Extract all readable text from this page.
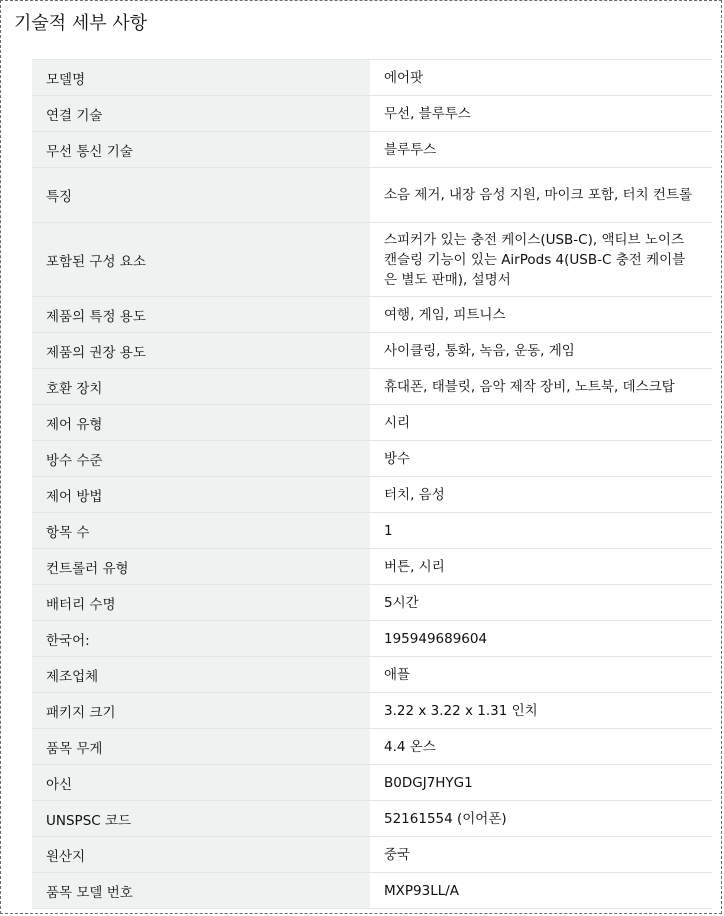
기술적 세부 사항
모델명	에어팟
연결 기술	무선, 블루투스
무선 통신 기술	블루투스
특징	소음 제거, 내장 음성 지원, 마이크 포함, 터치 컨트롤
포함된 구성 요소	스피커가 있는 충전 케이스(USB-C), 액티브 노이즈 캔슬링 기능이 있는 AirPods 4(USB-C 충전 케이블은 별도 판매), 설명서
제품의 특정 용도	여행, 게임, 피트니스
제품의 권장 용도	사이클링, 통화, 녹음, 운동, 게임
호환 장치	휴대폰, 태블릿, 음악 제작 장비, 노트북, 데스크탑
제어 유형	시리
방수 수준	방수
제어 방법	터치, 음성
항목 수	1
컨트롤러 유형	버튼, 시리
배터리 수명	5시간
한국어:	195949689604
제조업체	애플
패키지 크기	3.22 x 3.22 x 1.31 인치
품목 무게	4.4 온스
아신	B0DGJ7HYG1
UNSPSC 코드	52161554 (이어폰)
원산지	중국
품목 모델 번호	MXP93LL/A
